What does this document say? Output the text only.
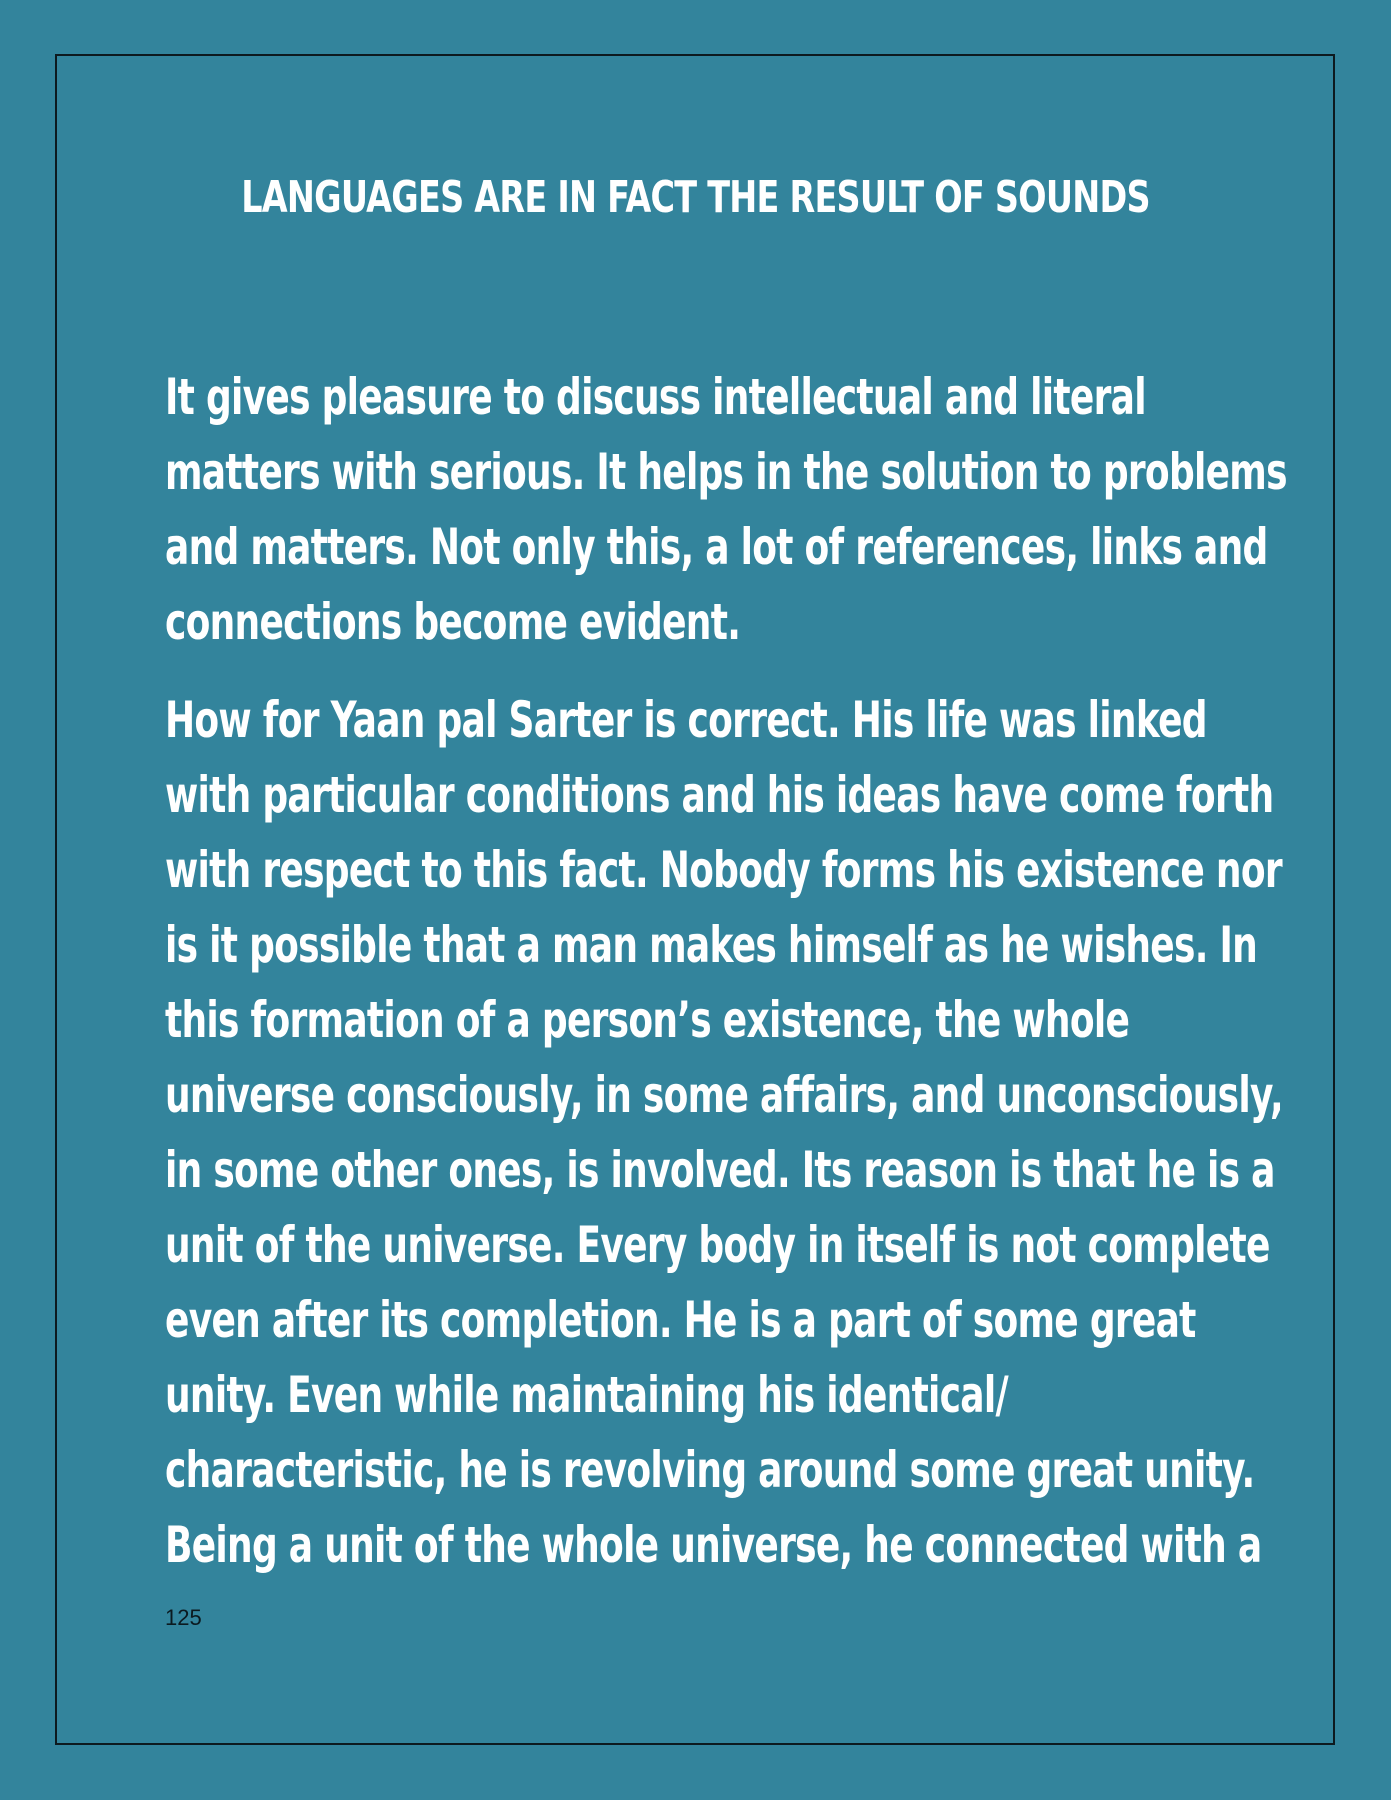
LANGUAGES ARE IN FACT THE RESULT OF SOUNDS
It gives pleasure to discuss intellectual and literal
matters with serious. It helps in the solution to problems
and matters. Not only this, a lot of references, links and
connections become evident.
How for Yaan pal Sarter is correct. His life was linked
with particular conditions and his ideas have come forth
with respect to this fact. Nobody forms his existence nor
is it possible that a man makes himself as he wishes. In
this formation of a person’s existence, the whole
universe consciously, in some affairs, and unconsciously,
in some other ones, is involved. Its reason is that he is a
unit of the universe. Every body in itself is not complete
even after its completion. He is a part of some great
unity. Even while maintaining his identical/
characteristic, he is revolving around some great unity.
Being a unit of the whole universe, he connected with a
125
